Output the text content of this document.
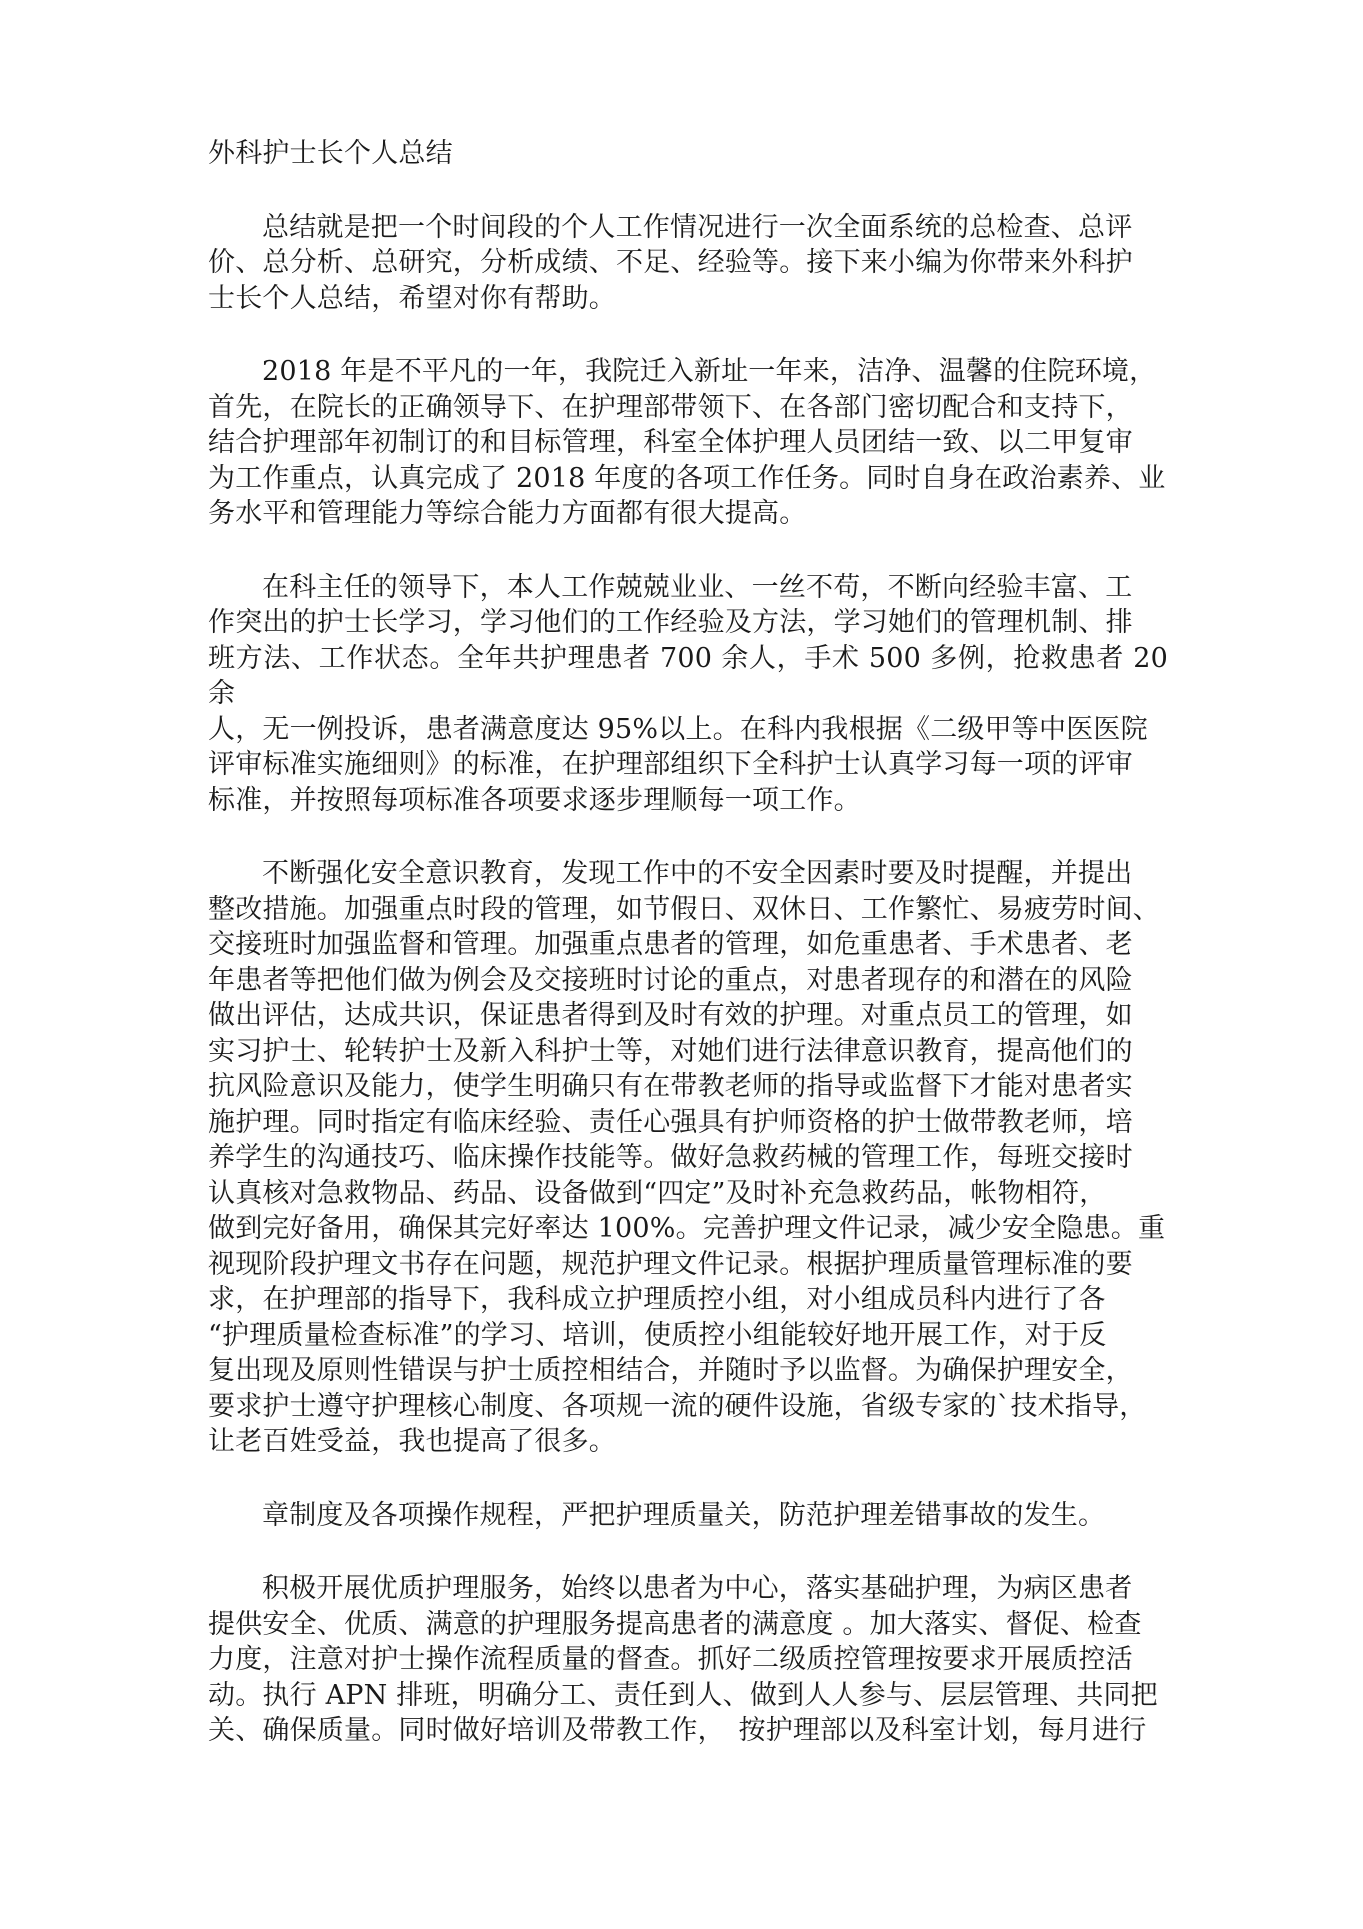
外科护士长个人总结

总结就是把一个时间段的个人工作情况进行一次全面系统的总检查、总评
价、总分析、总研究，分析成绩、不足、经验等。接下来小编为你带来外科护
士长个人总结，希望对你有帮助。

2018 年是不平凡的一年，我院迁入新址一年来，洁净、温馨的住院环境，
首先，在院长的正确领导下、在护理部带领下、在各部门密切配合和支持下，
结合护理部年初制订的和目标管理，科室全体护理人员团结一致、以二甲复审
为工作重点，认真完成了 2018 年度的各项工作任务。同时自身在政治素养、业
务水平和管理能力等综合能力方面都有很大提高。

在科主任的领导下，本人工作兢兢业业、一丝不苟，不断向经验丰富、工
作突出的护士长学习，学习他们的工作经验及方法，学习她们的管理机制、排
班方法、工作状态。全年共护理患者 700 余人，手术 500 多例，抢救患者 20 余
人，无一例投诉，患者满意度达 95%以上。在科内我根据《二级甲等中医医院
评审标准实施细则》的标准，在护理部组织下全科护士认真学习每一项的评审
标准，并按照每项标准各项要求逐步理顺每一项工作。

不断强化安全意识教育，发现工作中的不安全因素时要及时提醒，并提出
整改措施。加强重点时段的管理，如节假日、双休日、工作繁忙、易疲劳时间、
交接班时加强监督和管理。加强重点患者的管理，如危重患者、手术患者、老
年患者等把他们做为例会及交接班时讨论的重点，对患者现存的和潜在的风险
做出评估，达成共识，保证患者得到及时有效的护理。对重点员工的管理，如
实习护士、轮转护士及新入科护士等，对她们进行法律意识教育，提高他们的
抗风险意识及能力，使学生明确只有在带教老师的指导或监督下才能对患者实
施护理。同时指定有临床经验、责任心强具有护师资格的护士做带教老师，培
养学生的沟通技巧、临床操作技能等。做好急救药械的管理工作，每班交接时
认真核对急救物品、药品、设备做到“四定”及时补充急救药品，帐物相符，
做到完好备用，确保其完好率达 100%。完善护理文件记录，减少安全隐患。重
视现阶段护理文书存在问题，规范护理文件记录。根据护理质量管理标准的要
求，在护理部的指导下，我科成立护理质控小组，对小组成员科内进行了各
“护理质量检查标准”的学习、培训，使质控小组能较好地开展工作，对于反
复出现及原则性错误与护士质控相结合，并随时予以监督。为确保护理安全，
要求护士遵守护理核心制度、各项规一流的硬件设施，省级专家的`技术指导，
让老百姓受益，我也提高了很多。

章制度及各项操作规程，严把护理质量关，防范护理差错事故的发生。

积极开展优质护理服务，始终以患者为中心，落实基础护理，为病区患者
提供安全、优质、满意的护理服务提高患者的满意度 。加大落实、督促、检查
力度，注意对护士操作流程质量的督查。抓好二级质控管理按要求开展质控活
动。执行 APN 排班，明确分工、责任到人、做到人人参与、层层管理、共同把
关、确保质量。同时做好培训及带教工作，　按护理部以及科室计划，每月进行
